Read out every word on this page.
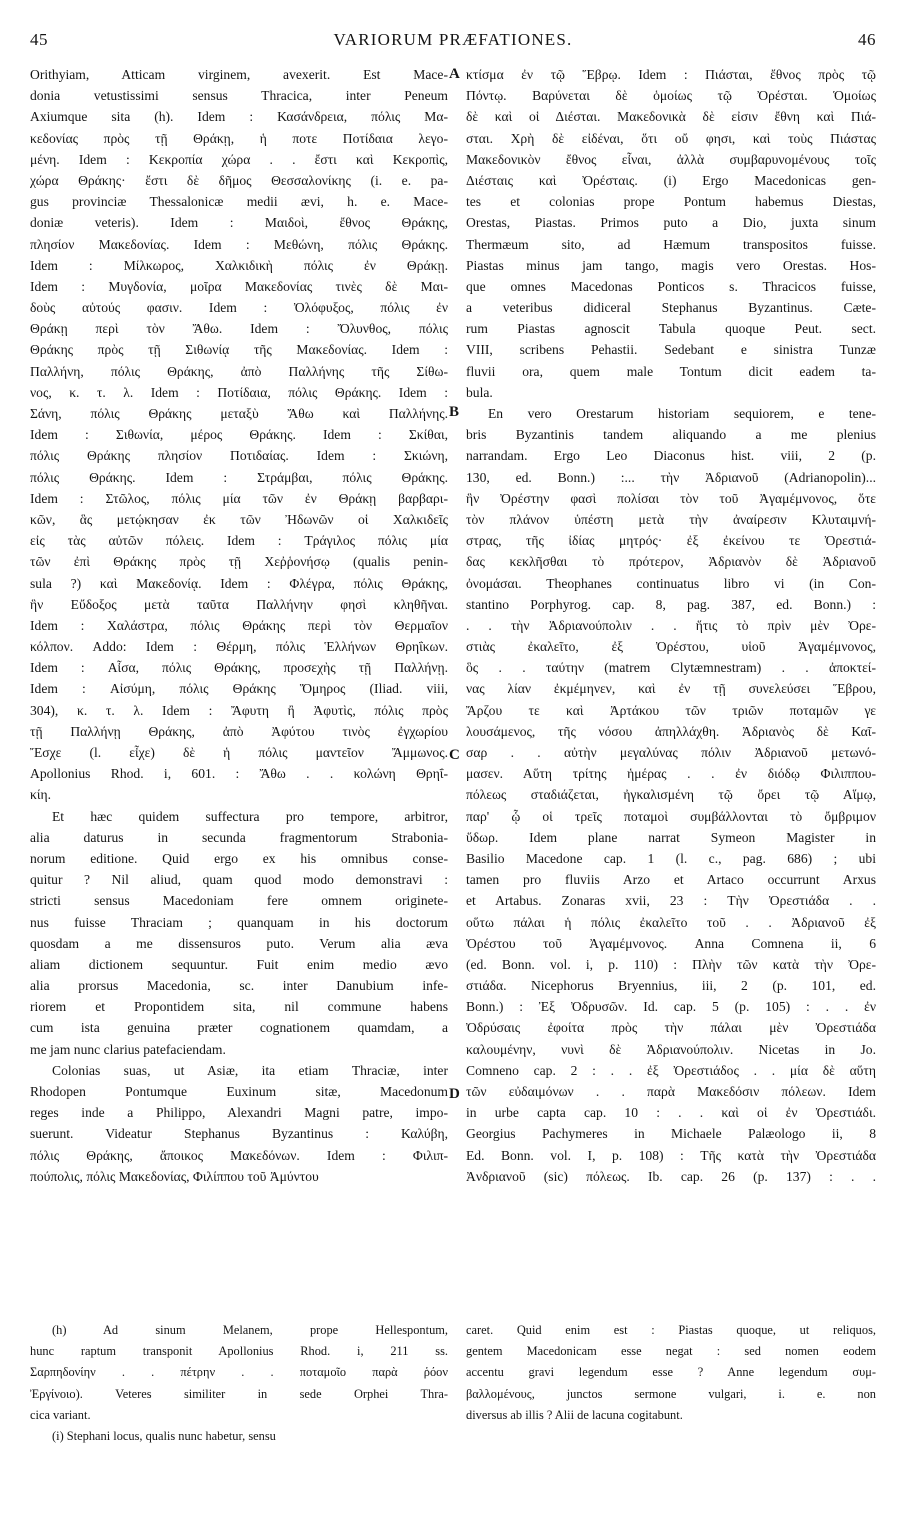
45	VARIORUM PRÆFATIONES.	46
Orithyiam, Atticam virginem, avexerit. Est Mace-
donia vetustissimi sensus Thracica, inter Peneum
Axiumque sita (h). Idem : Κασάνδρεια, πόλις Μα-
κεδονίας πρὸς τῇ Θράκῃ, ἡ ποτε Ποτίδαια λεγο-
μένη. Idem : Κεκροπία χώρα . . ἔστι καὶ Κεκροπὶς,
χώρα Θράκης· ἔστι δὲ δῆμος Θεσσαλονίκης (i. e. pa-
gus provinciæ Thessalonicæ medii ævi, h. e. Mace-
doniæ veteris). Idem : Μαιδοὶ, ἔθνος Θράκης,
πλησίον Μακεδονίας. Idem : Μεθώνη, πόλις Θράκης.
Idem : Μίλκωρος, Χαλκιδικὴ πόλις ἐν Θράκῃ.
Idem : Μυγδονία, μοῖρα Μακεδονίας τινὲς δὲ Μαι-
δοὺς αὐτούς φασιν. Idem : Ὀλόφυξος, πόλις ἐν
Θράκῃ περὶ τὸν Ἄθω. Idem : Ὄλυνθος, πόλις
Θράκης πρὸς τῇ Σιθωνίᾳ τῆς Μακεδονίας. Idem :
Παλλήνη, πόλις Θράκης, ἀπὸ Παλλήνης τῆς Σίθω-
νος, κ. τ. λ. Idem : Ποτίδαια, πόλις Θράκης. Idem :
Σάνη, πόλις Θράκης μεταξὺ Ἄθω καὶ Παλλήνης.
Idem : Σιθωνία, μέρος Θράκης. Idem : Σκίθαι,
πόλις Θράκης πλησίον Ποτιδαίας. Idem : Σκιώνη,
πόλις Θράκης. Idem : Στράμβαι, πόλις Θράκης.
Idem : Στῶλος, πόλις μία τῶν ἐν Θράκῃ βαρβαρι-
κῶν, ἃς μετῴκησαν ἐκ τῶν Ἠδωνῶν οἱ Χαλκιδεῖς
εἰς τὰς αὐτῶν πόλεις. Idem : Τράγιλος πόλις μία
τῶν ἐπὶ Θράκης πρὸς τῇ Χεῤῥονήσῳ (qualis penin-
sula ?) καὶ Μακεδονίᾳ. Idem : Φλέγρα, πόλις Θράκης,
ἣν Εὔδοξος μετὰ ταῦτα Παλλήνην φησὶ κληθῆναι.
Idem : Χαλάστρα, πόλις Θράκης περὶ τὸν Θερμαῖον
κόλπον. Addo: Idem : Θέρμη, πόλις Ἑλλήνων Θρηΐκων.
Idem : Αἶσα, πόλις Θράκης, προσεχὴς τῇ Παλλήνῃ.
Idem : Αἰσύμη, πόλις Θράκης Ὅμηρος (Iliad. viii,
304), κ. τ. λ. Idem : Ἄφυτη ἢ Ἀφυτὶς, πόλις πρὸς
τῇ Παλλήνῃ Θράκης, ἀπὸ Ἀφύτου τινὸς ἐγχωρίου
Ἔσχε (l. εἶχε) δὲ ἡ πόλις μαντεῖον Ἄμμωνος.
Apollonius Rhod. i, 601. : Ἄθω . . κολώνη Θρηΐ-
κίη.
Et hæc quidem suffectura pro tempore, arbitror,
alia daturus in secunda fragmentorum Strabonia-
norum editione. Quid ergo ex his omnibus conse-
quitur ? Nil aliud, quam quod modo demonstravi :
stricti sensus Macedoniam fere omnem originete-
nus fuisse Thraciam ; quanquam in his doctorum
quosdam a me dissensuros puto. Verum alia æva
aliam dictionem sequuntur. Fuit enim medio ævo
alia prorsus Macedonia, sc. inter Danubium infe-
riorem et Propontidem sita, nil commune habens
cum ista genuina præter cognationem quamdam, a
me jam nunc clarius patefaciendam.
Colonias suas, ut Asiæ, ita etiam Thraciæ, inter
Rhodopen Pontumque Euxinum sitæ, Macedonum
reges inde a Philippo, Alexandri Magni patre, impo-
suerunt. Videatur Stephanus Byzantinus : Καλύβη,
πόλις Θράκης, ἄποικος Μακεδόνων. Idem : Φιλιπ-
πούπολις, πόλις Μακεδονίας, Φιλίππου τοῦ Ἀμύντου
κτίσμα ἐν τῷ Ἕβρῳ. Idem : Πιάσται, ἔθνος πρὸς τῷ
Πόντῳ. Βαρύνεται δὲ ὁμοίως τῷ Ὀρέσται. Ὁμοίως
δὲ καὶ οἱ Διέσται. Μακεδονικὰ δὲ εἰσιν ἔθνη καὶ Πιά-
σται. Χρὴ δὲ εἰδέναι, ὅτι οὔ φησι, καὶ τοὺς Πιάστας
Μακεδονικὸν ἔθνος εἶναι, ἀλλὰ συμβαρυνομένους τοῖς
Διέσταις καὶ Ὀρέσταις. (i) Ergo Macedonicas gen-
tes et colonias prope Pontum habemus Diestas,
Orestas, Piastas. Primos puto a Dio, juxta sinum
Thermæum sito, ad Hæmum transpositos fuisse.
Piastas minus jam tango, magis vero Orestas. Hos-
que omnes Macedonas Ponticos s. Thracicos fuisse,
a veteribus didiceral Stephanus Byzantinus. Cæte-
rum Piastas agnoscit Tabula quoque Peut. sect.
VIII, scribens Pehastii. Sedebant e sinistra Tunzæ
fluvii ora, quem male Tontum dicit eadem ta-
bula.
En vero Orestarum historiam sequiorem, e tene-
bris Byzantinis tandem aliquando a me plenius
narrandam. Ergo Leo Diaconus hist. viii, 2 (p.
130, ed. Bonn.) :... τὴν Ἀδριανοῦ (Adrianopolin)...
ἣν Ὀρέστην φασὶ πολίσαι τὸν τοῦ Ἀγαμέμνονος, ὅτε
τὸν πλάνον ὑπέστη μετὰ τὴν ἀναίρεσιν Κλυταιμνή-
στρας, τῆς ἰδίας μητρός· ἐξ ἐκείνου τε Ὀρεστιά-
δας κεκλῆσθαι τὸ πρότερον, Ἀδριανὸν δὲ Ἀδριανοῦ
ὀνομάσαι. Theophanes continuatus libro vi (in Con-
stantino Porphyrog. cap. 8, pag. 387, ed. Bonn.) :
. . τὴν Ἀδριανούπολιν . . ἥτις τὸ πρὶν μὲν Ὀρε-
στιὰς ἐκαλεῖτο, ἐξ Ὀρέστου, υἱοῦ Ἀγαμέμνονος,
ὃς . . ταύτην (matrem Clytæmnestram) . . ἀποκτεί-
νας λίαν ἐκμέμηνεν, καὶ ἐν τῇ συνελεύσει Ἕβρου,
Ἄρζου τε καὶ Ἀρτάκου τῶν τριῶν ποταμῶν γε
λουσάμενος, τῆς νόσου ἀπηλλάχθη. Ἀδριανὸς δὲ Καῖ-
σαρ . . αὐτὴν μεγαλύνας πόλιν Ἀδριανοῦ μετωνό-
μασεν. Αὕτη τρίτης ἡμέρας . . ἐν διόδῳ Φιλιππου-
πόλεως σταδιάζεται, ἠγκαλισμένη τῷ ὄρει τῷ Αἵμῳ,
παρ' ᾧ οἱ τρεῖς ποταμοὶ συμβάλλονται τὸ ὄμβριμον
ὕδωρ. Idem plane narrat Symeon Magister in
Basilio Macedone cap. 1 (l. c., pag. 686) ; ubi
tamen pro fluviis Arzo et Artaco occurrunt Arxus
et Artabus. Zonaras xvii, 23 : Τὴν Ὀρεστιάδα . .
οὕτω πάλαι ἡ πόλις ἐκαλεῖτο τοῦ . . Ἀδριανοῦ ἐξ
Ὀρέστου τοῦ Ἀγαμέμνονος. Anna Comnena ii, 6
(ed. Bonn. vol. i, p. 110) : Πλὴν τῶν κατὰ τὴν Ὀρε-
στιάδα. Nicephorus Bryennius, iii, 2 (p. 101, ed.
Bonn.) : Ἐξ Ὀδρυσῶν. Id. cap. 5 (p. 105) : . . ἐν
Ὀδρύσαις ἐφοίτα πρὸς τὴν πάλαι μὲν Ὀρεστιάδα
καλουμένην, νυνὶ δὲ Ἀδριανούπολιν. Nicetas in Jo.
Comneno cap. 2 : . . ἐξ Ὀρεστιάδος . . μία δὲ αὕτη
τῶν εὐδαιμόνων . . παρὰ Μακεδόσιν πόλεων. Idem
in urbe capta cap. 10 : . . καὶ οἱ ἐν Ὀρεστιάδι.
Georgius Pachymeres in Michaele Palæologo ii, 8
Ed. Bonn. vol. I, p. 108) : Τῆς κατὰ τὴν Ὀρεστιάδα
Ἀνδριανοῦ (sic) πόλεως. Ib. cap. 26 (p. 137) : . .
A
B
C
D
(h) Ad sinum Melanem, prope Hellespontum,
hunc raptum transponit Apollonius Rhod. i, 211 ss.
Σαρπηδονίην . . πέτρην . . ποταμοῖο παρὰ ῥόον
Ἐργίνοιο). Veteres similiter in sede Orphei Thra-
cica variant.
(i) Stephani locus, qualis nunc habetur, sensu
caret. Quid enim est : Piastas quoque, ut reliquos,
gentem Macedonicam esse negat : sed nomen eodem
accentu gravi legendum esse ? Anne legendum συμ-
βαλλομένους, junctos sermone vulgari, i. e. non
diversus ab illis ? Alii de lacuna cogitabunt.
